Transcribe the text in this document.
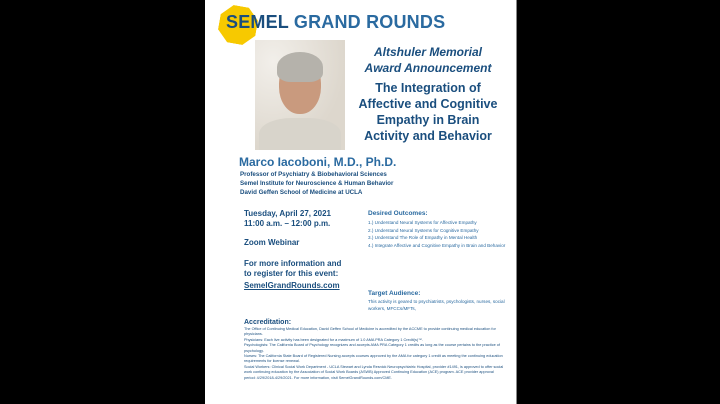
SEMEL GRAND ROUNDS
Altshuler Memorial
Award Announcement
The Integration of
Affective and Cognitive
Empathy in Brain
Activity and Behavior
Marco Iacoboni, M.D., Ph.D.
Professor of Psychiatry & Biobehavioral Sciences
Semel Institute for Neuroscience & Human Behavior
David Geffen School of Medicine at UCLA
Tuesday, April 27, 2021
11:00 a.m. – 12:00 p.m.
Zoom Webinar
For more information and
to register for this event:
SemelGrandRounds.com
Desired Outcomes:
1.) Understand Neural Systems for Affective Empathy
2.) Understand Neural Systems for Cognitive Empathy
3.) Understand The Role of Empathy in Mental Health
4.) Integrate Affective and Cognitive Empathy in Brain and Behavior
Target Audience:
This activity is geared to psychiatrists, psychologists, nurses, social workers, MFCCs/MFTs,
Accreditation:

The Office of Continuing Medical Education, David Geffen School of Medicine is accredited by the ACCME to provide continuing medical education for physicians.

Physicians: Each live activity has been designated for a maximum of 1.0 AMA PRA Category 1 Credit(s)™.

Psychologists: The California Board of Psychology recognizes and accepts AMA PRA Category 1 credits as long as the course pertains to the practice of psychology.

Nurses: The California State Board of Registered Nursing accepts courses approved by the AMA for category 1 credit as meeting the continuing education requirements for license renewal.

Social Workers: Clinical Social Work Department - UCLA Stewart and Lynda Resnick Neuropsychiatric Hospital, provider #1491, is approved to offer social work continuing education by the Association of Social Work Boards (ASWB) Approved Continuing Education (ACE) program. ACE provider approval period: 4/29/2018-4/29/2021. For more information, visit SemelGrandRounds.com/CME.
